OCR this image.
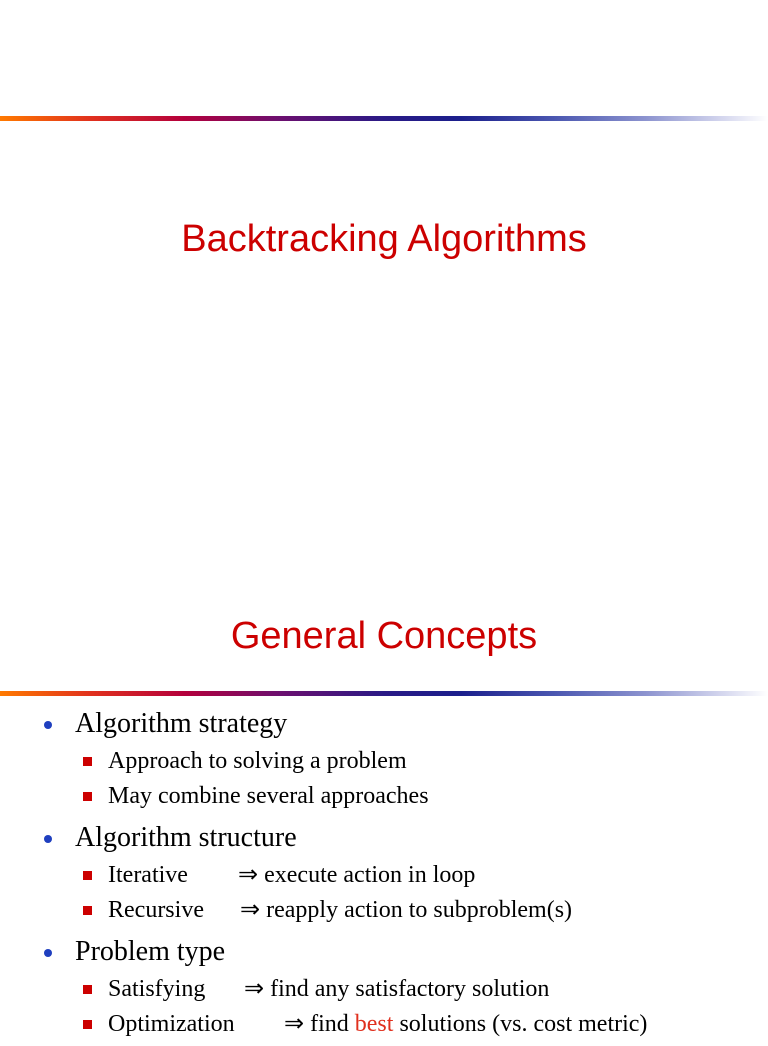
Backtracking Algorithms
General Concepts
Algorithm strategy
Approach to solving a problem
May combine several approaches
Algorithm structure
Iterative ⇒ execute action in loop
Recursive ⇒ reapply action to subproblem(s)
Problem type
Satisfying ⇒ find any satisfactory solution
Optimization ⇒ find best solutions (vs. cost metric)
